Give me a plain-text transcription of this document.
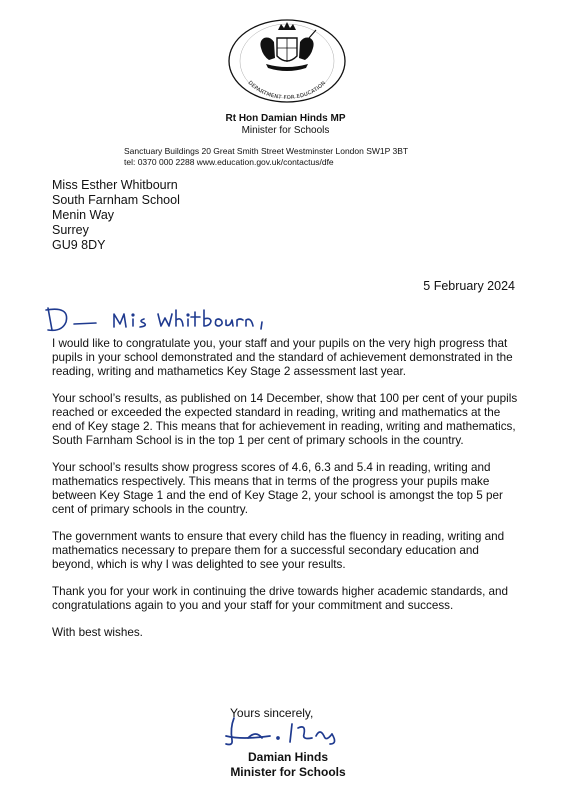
DEPARTMENT FOR EDUCATION
Rt Hon Damian Hinds MP
Minister for Schools
Sanctuary Buildings 20 Great Smith Street Westminster London SW1P 3BT
tel: 0370 000 2288 www.education.gov.uk/contactus/dfe
Miss Esther Whitbourn
South Farnham School
Menin Way
Surrey
GU9 8DY
5 February 2024

I would like to congratulate you, your staff and your pupils on the very high progress that pupils in your school demonstrated and the standard of achievement demonstrated in the reading, writing and mathametics Key Stage 2 assessment last year.

Your school’s results, as published on 14 December, show that 100 per cent of your pupils reached or exceeded the expected standard in reading, writing and mathematics at the end of Key stage 2. This means that for achievement in reading, writing and mathematics, South Farnham School is in the top 1 per cent of primary schools in the country.

Your school’s results show progress scores of 4.6, 6.3 and 5.4 in reading, writing and mathematics respectively. This means that in terms of the progress your pupils make between Key Stage 1 and the end of Key Stage 2, your school is amongst the top 5 per cent of primary schools in the country.

The government wants to ensure that every child has the fluency in reading, writing and mathematics necessary to prepare them for a successful secondary education and beyond, which is why I was delighted to see your results.

Thank you for your work in continuing the drive towards higher academic standards, and congratulations again to you and your staff for your commitment and success.

With best wishes.

Yours sincerely,
Damian Hinds
Minister for Schools
